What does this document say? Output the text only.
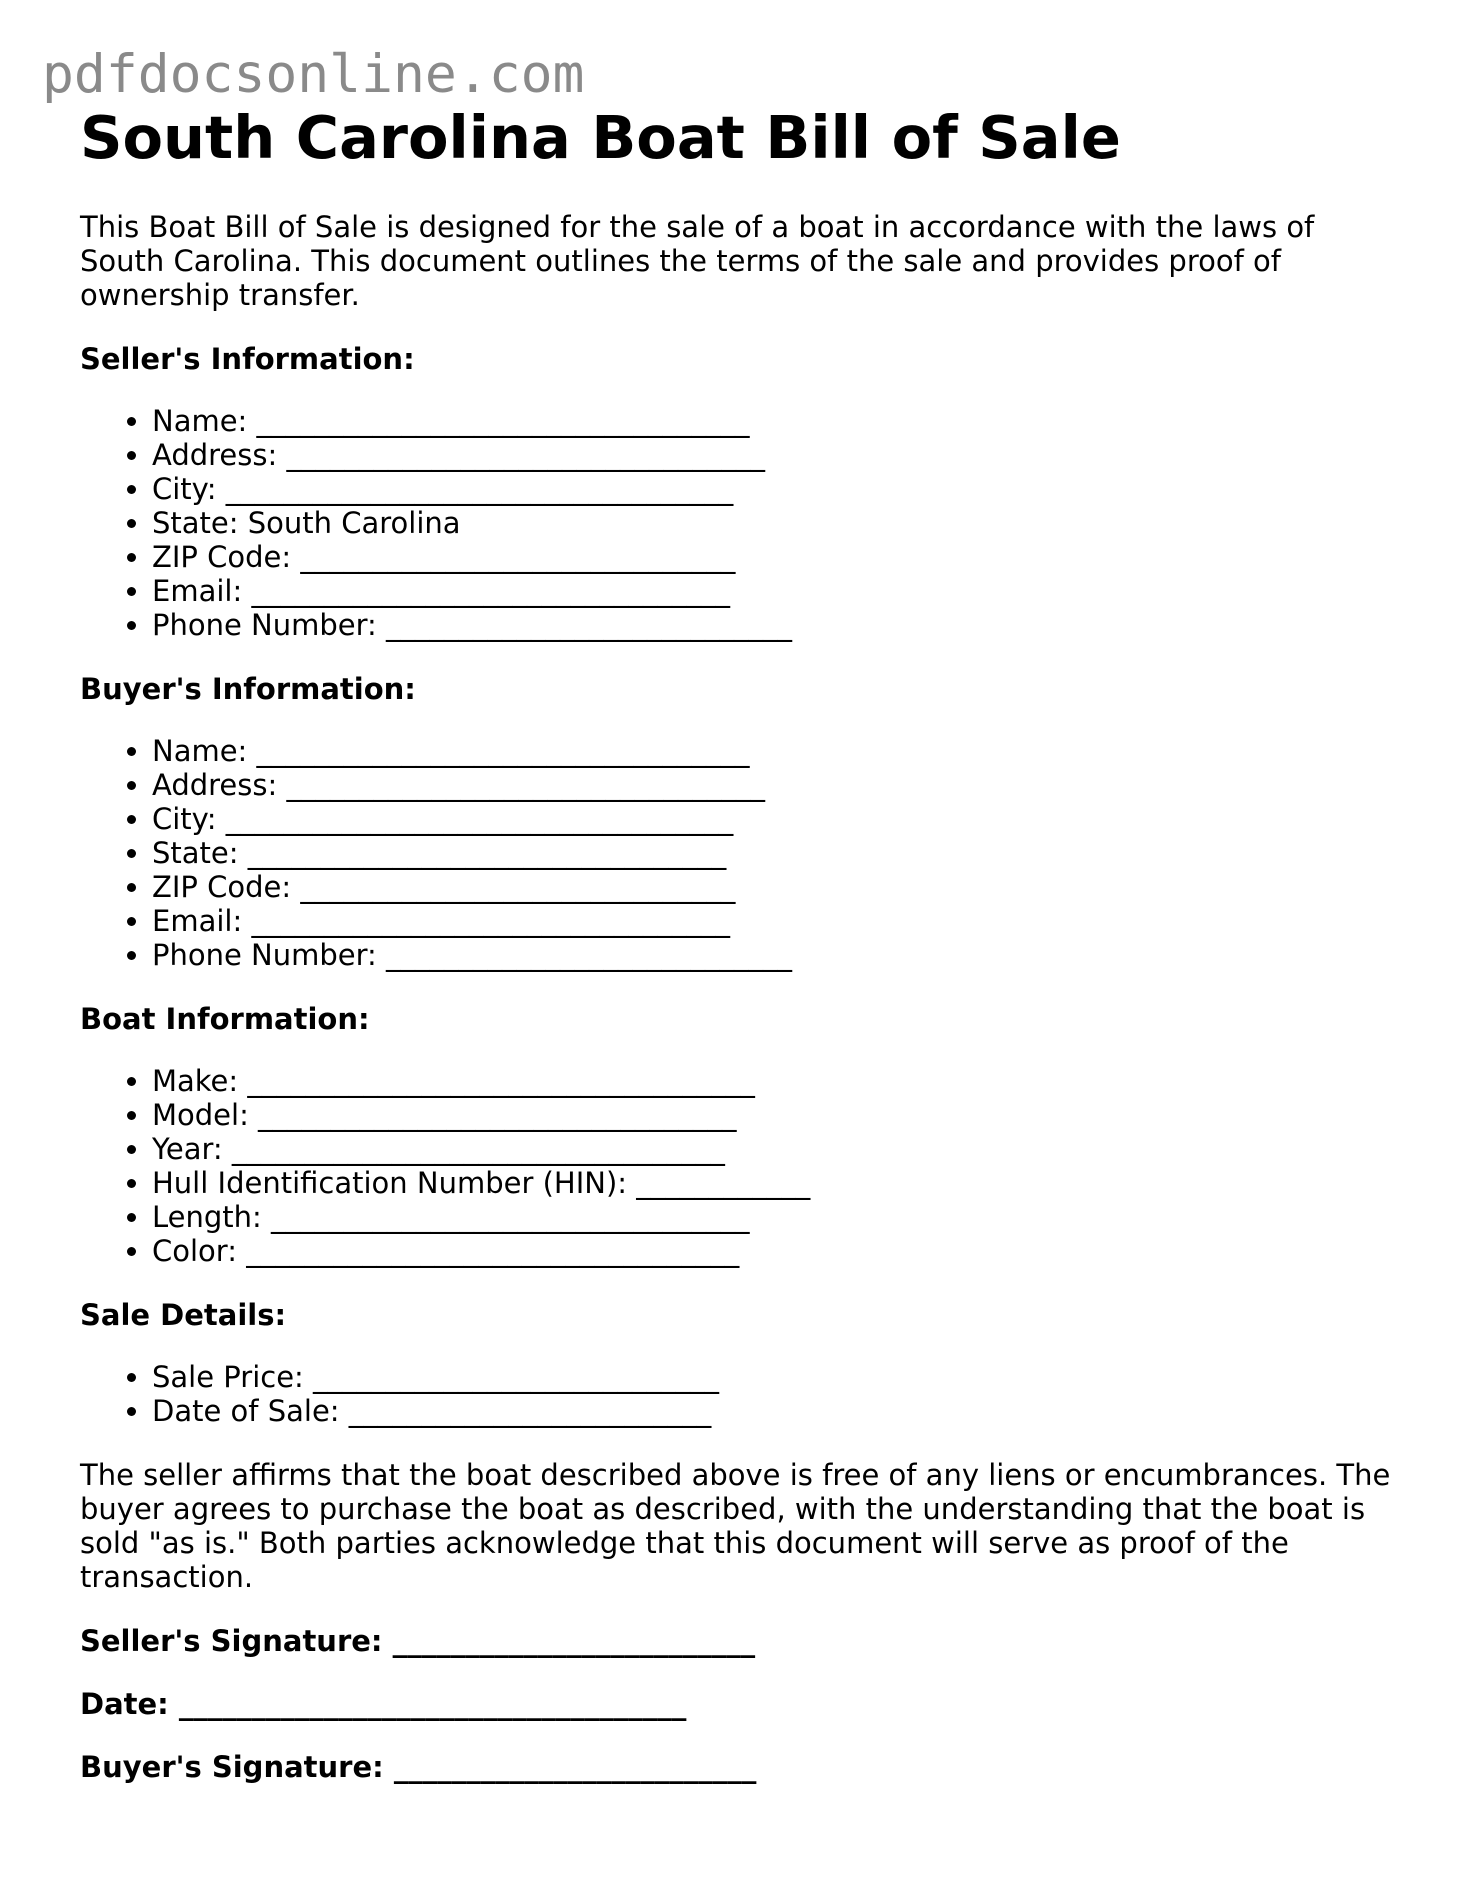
pdfdocsonline.com
South Carolina Boat Bill of Sale

This Boat Bill of Sale is designed for the sale of a boat in accordance with the laws of South Carolina. This document outlines the terms of the sale and provides proof of ownership transfer.

Seller's Information:
• Name: __________________________________
• Address: _________________________________
• City: ___________________________________
• State: South Carolina
• ZIP Code: ______________________________
• Email: _________________________________
• Phone Number: ____________________________
Buyer's Information:
• Name: __________________________________
• Address: _________________________________
• City: ___________________________________
• State: _________________________________
• ZIP Code: ______________________________
• Email: _________________________________
• Phone Number: ____________________________
Boat Information:
• Make: ___________________________________
• Model: _________________________________
• Year: __________________________________
• Hull Identification Number (HIN): ____________
• Length: _________________________________
• Color: __________________________________
Sale Details:
• Sale Price: ____________________________
• Date of Sale: _________________________

The seller affirms that the boat described above is free of any liens or encumbrances. The buyer agrees to purchase the boat as described, with the understanding that the boat is sold "as is." Both parties acknowledge that this document will serve as proof of the transaction.

Seller's Signature: _________________________
Date: ___________________________________
Buyer's Signature: _________________________
